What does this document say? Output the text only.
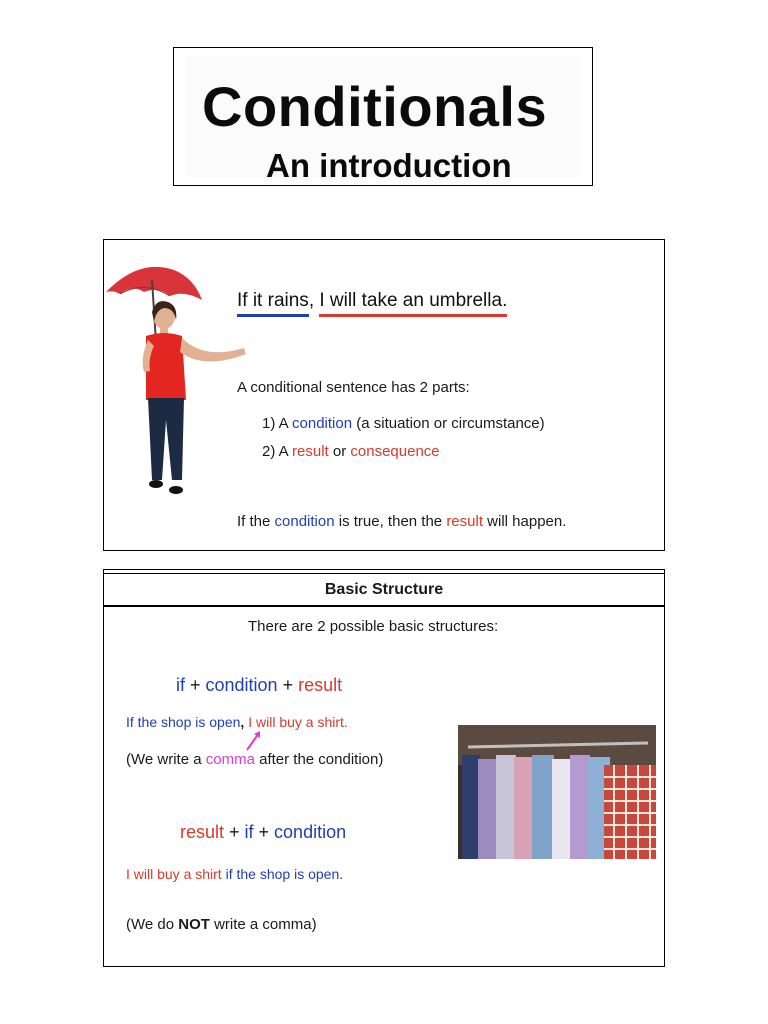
Conditionals
An introduction
If it rains, I will take an umbrella.
A conditional sentence has 2 parts:
1) A condition (a situation or circumstance)
2) A result or consequence
If the condition is true, then the result will happen.
Basic Structure
There are 2 possible basic structures:
if + condition + result
If the shop is open, I will buy a shirt.
(We write a comma after the condition)
result + if + condition
I will buy a shirt if the shop is open.
(We do NOT write a comma)
